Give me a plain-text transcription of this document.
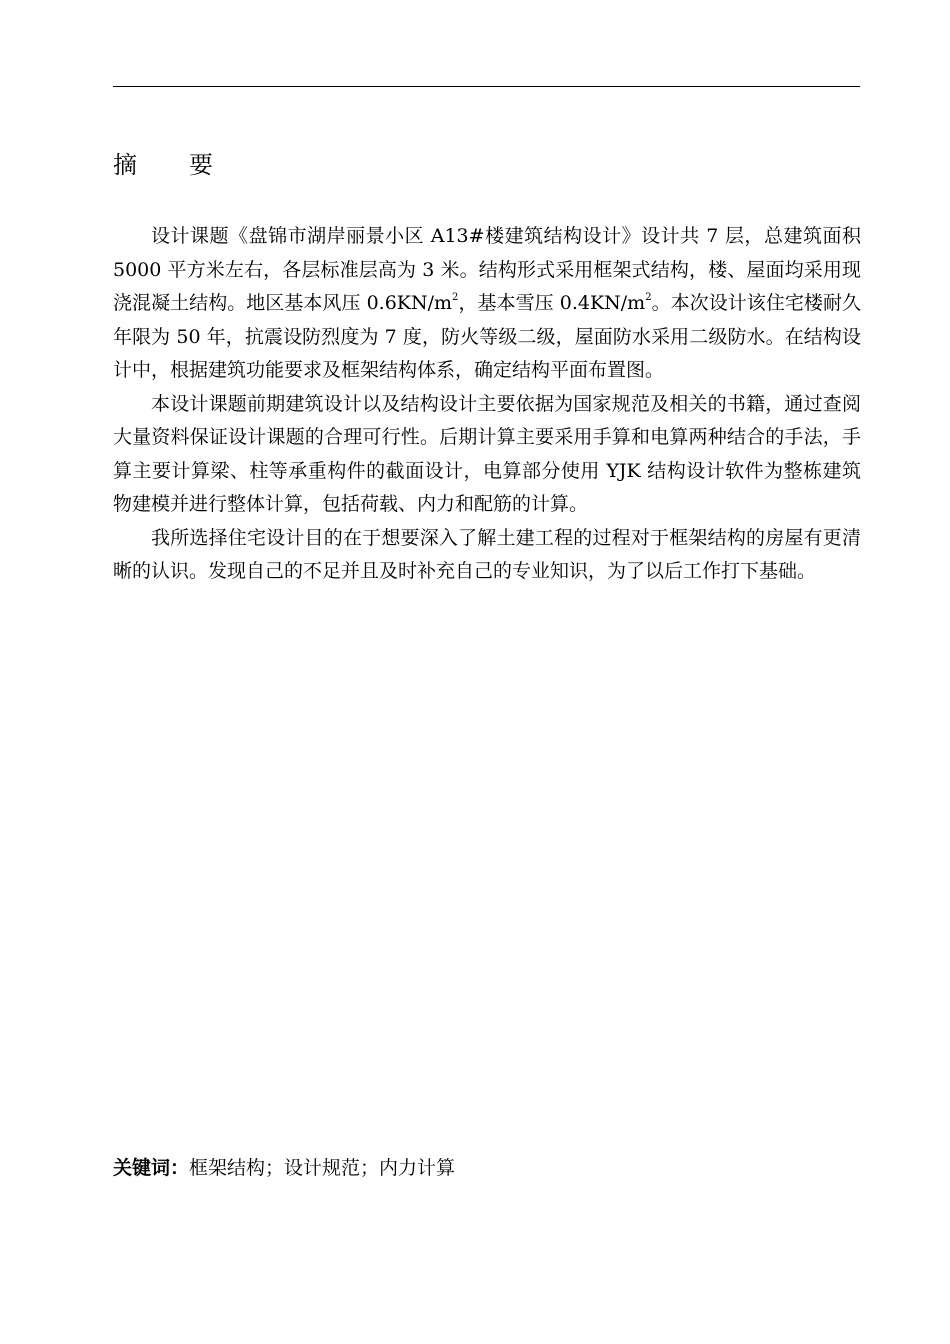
摘 要

设计课题《盘锦市湖岸丽景小区 A13#楼建筑结构设计》设计共 7 层，总建筑面积 5000 平方米左右，各层标准层高为 3 米。结构形式采用框架式结构，楼、屋面均采用现浇混凝土结构。地区基本风压 $0.6KN/m^2$，基本雪压 $0.4KN/m^2$。本次设计该住宅楼耐久年限为 50 年，抗震设防烈度为 7 度，防火等级二级，屋面防水采用二级防水。在结构设计中，根据建筑功能要求及框架结构体系，确定结构平面布置图。

本设计课题前期建筑设计以及结构设计主要依据为国家规范及相关的书籍，通过查阅大量资料保证设计课题的合理可行性。后期计算主要采用手算和电算两种结合的手法，手算主要计算梁、柱等承重构件的截面设计，电算部分使用 YJK 结构设计软件为整栋建筑物建模并进行整体计算，包括荷载、内力和配筋的计算。

我所选择住宅设计目的在于想要深入了解土建工程的过程对于框架结构的房屋有更清晰的认识。发现自己的不足并且及时补充自己的专业知识，为了以后工作打下基础。

关键词：框架结构；设计规范；内力计算
